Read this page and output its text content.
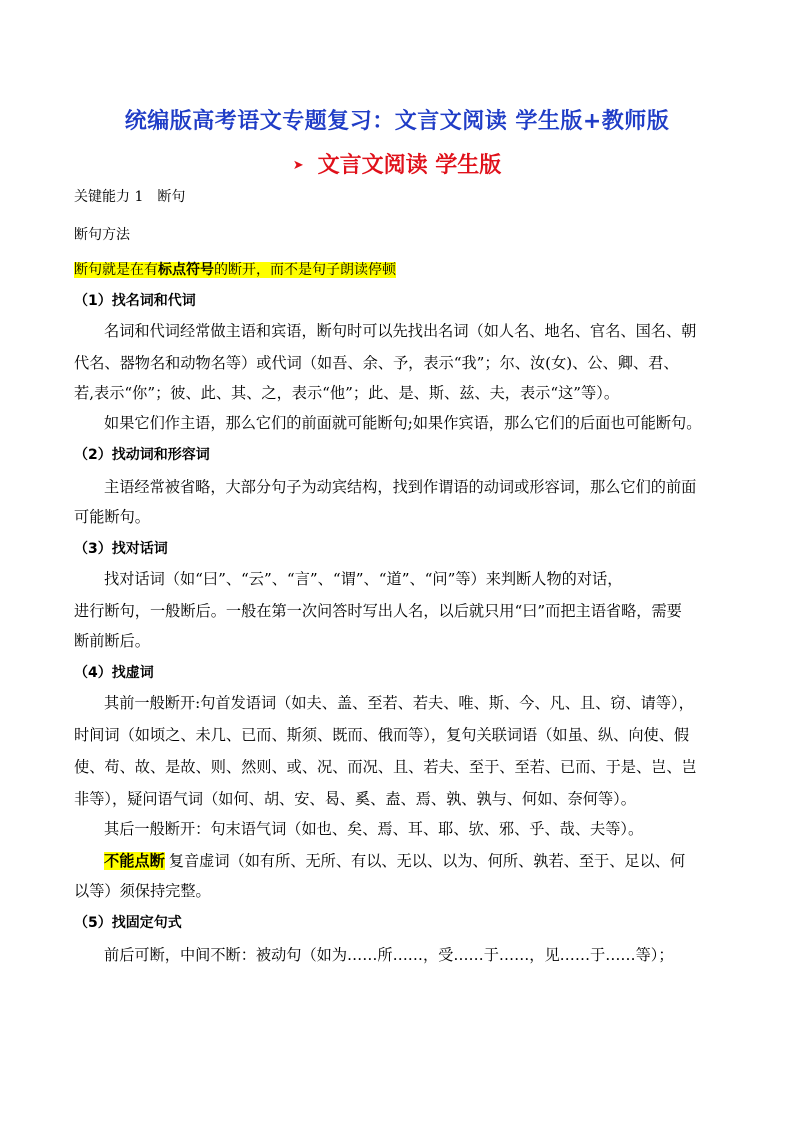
统编版高考语文专题复习：文言文阅读 学生版+教师版
➤ 文言文阅读 学生版
关键能力 1　断句
断句方法
断句就是在有标点符号的断开，而不是句子朗读停顿
（1）找名词和代词
名词和代词经常做主语和宾语，断句时可以先找出名词（如人名、地名、官名、国名、朝
代名、器物名和动物名等）或代词（如吾、余、予，表示“我”；尔、汝(女)、公、卿、君、
若,表示“你”；彼、此、其、之，表示“他”；此、是、斯、兹、夫，表示“这”等）。
如果它们作主语，那么它们的前面就可能断句;如果作宾语，那么它们的后面也可能断句。
（2）找动词和形容词
主语经常被省略，大部分句子为动宾结构，找到作谓语的动词或形容词，那么它们的前面
可能断句。
（3）找对话词
找对话词（如“曰”、“云”、“言”、“谓”、“道”、“问”等）来判断人物的对话，
进行断句，一般断后。一般在第一次问答时写出人名，以后就只用“曰”而把主语省略，需要
断前断后。
（4）找虚词
其前一般断开:句首发语词（如夫、盖、至若、若夫、唯、斯、今、凡、且、窃、请等），
时间词（如顷之、未几、已而、斯须、既而、俄而等），复句关联词语（如虽、纵、向使、假
使、苟、故、是故、则、然则、或、况、而况、且、若夫、至于、至若、已而、于是、岂、岂
非等），疑问语气词（如何、胡、安、曷、奚、盍、焉、孰、孰与、何如、奈何等）。
其后一般断开：句末语气词（如也、矣、焉、耳、耶、欤、邪、乎、哉、夫等）。
不能点断 复音虚词（如有所、无所、有以、无以、以为、何所、孰若、至于、足以、何
以等）须保持完整。
（5）找固定句式
前后可断，中间不断：被动句（如为……所……，受……于……，见……于……等）；
